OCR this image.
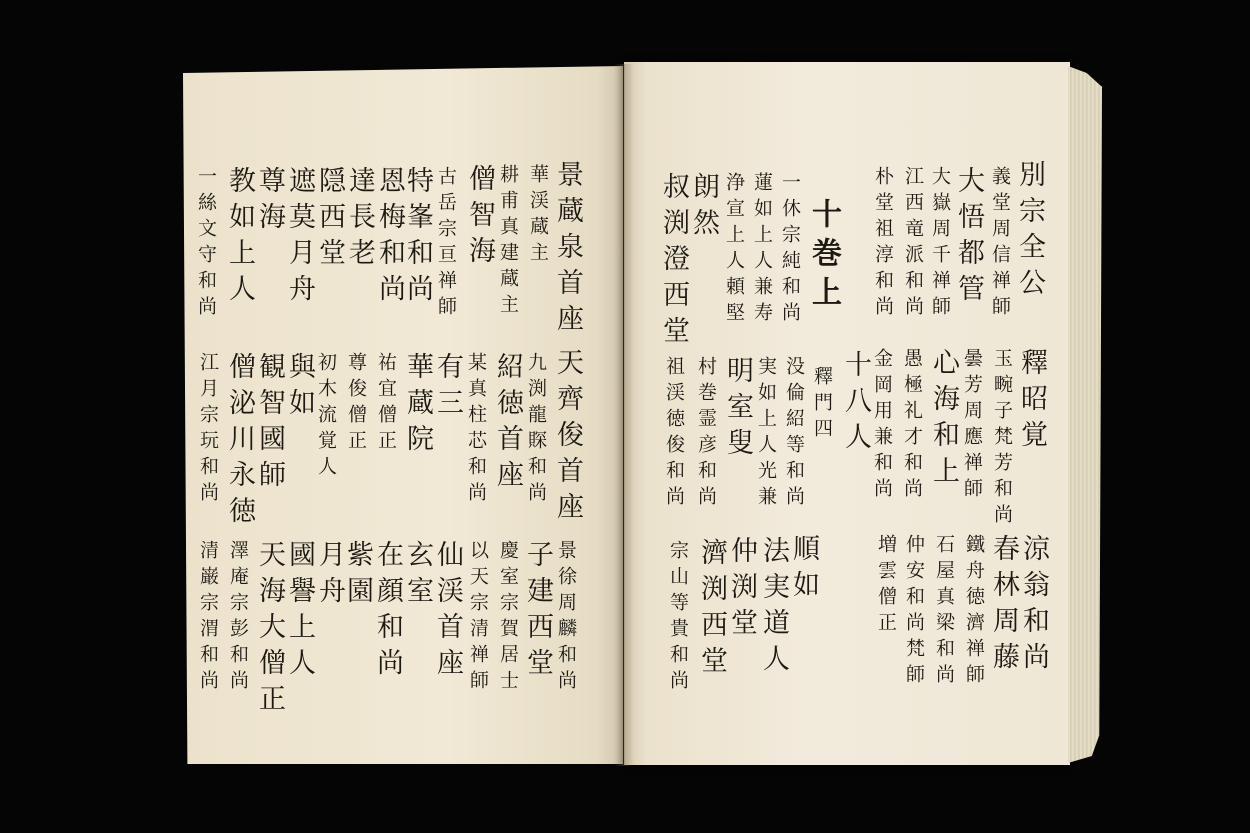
別宗全公
義堂周信禅師
大悟都管
大嶽周千禅師
江西竜派和尚
朴堂祖淳和尚
十巻上
一休宗純和尚
蓮如上人兼寿
浄宣上人頼堅
朗然
叔渕澄西堂
釋昭覚
玉畹子梵芳和尚
曇芳周應禅師
心海和上
愚極礼才和尚
金岡用兼和尚
十八人
釋門四
没倫紹等和尚
実如上人光兼
明室叟
村巻霊彦和尚
祖渓徳俊和尚
涼翁和尚
春林周藤
鐵舟徳濟禅師
石屋真梁和尚
仲安和尚梵師
増雲僧正
順如
法実道人
仲渕堂
濟渕西堂
宗山等貴和尚
景蔵泉首座
華渓蔵主
耕甫真建蔵主
僧智海
古岳宗亘禅師
特峯和尚
恩梅和尚
達長老
隠西堂
遮莫月舟
尊海
教如上人
一絲文守和尚
天齊俊首座
九渕龍賝和尚
紹徳首座
某真柱芯和尚
有三
華蔵院
祐宜僧正
尊俊僧正
初木流覚人
與如
観智國師
僧泌川永徳
江月宗玩和尚
景徐周麟和尚
子建西堂
慶室宗賀居士
以天宗清禅師
仙渓首座
玄室
在顔和尚
紫園
月舟
國譽上人
天海大僧正
澤庵宗彭和尚
清巌宗渭和尚
